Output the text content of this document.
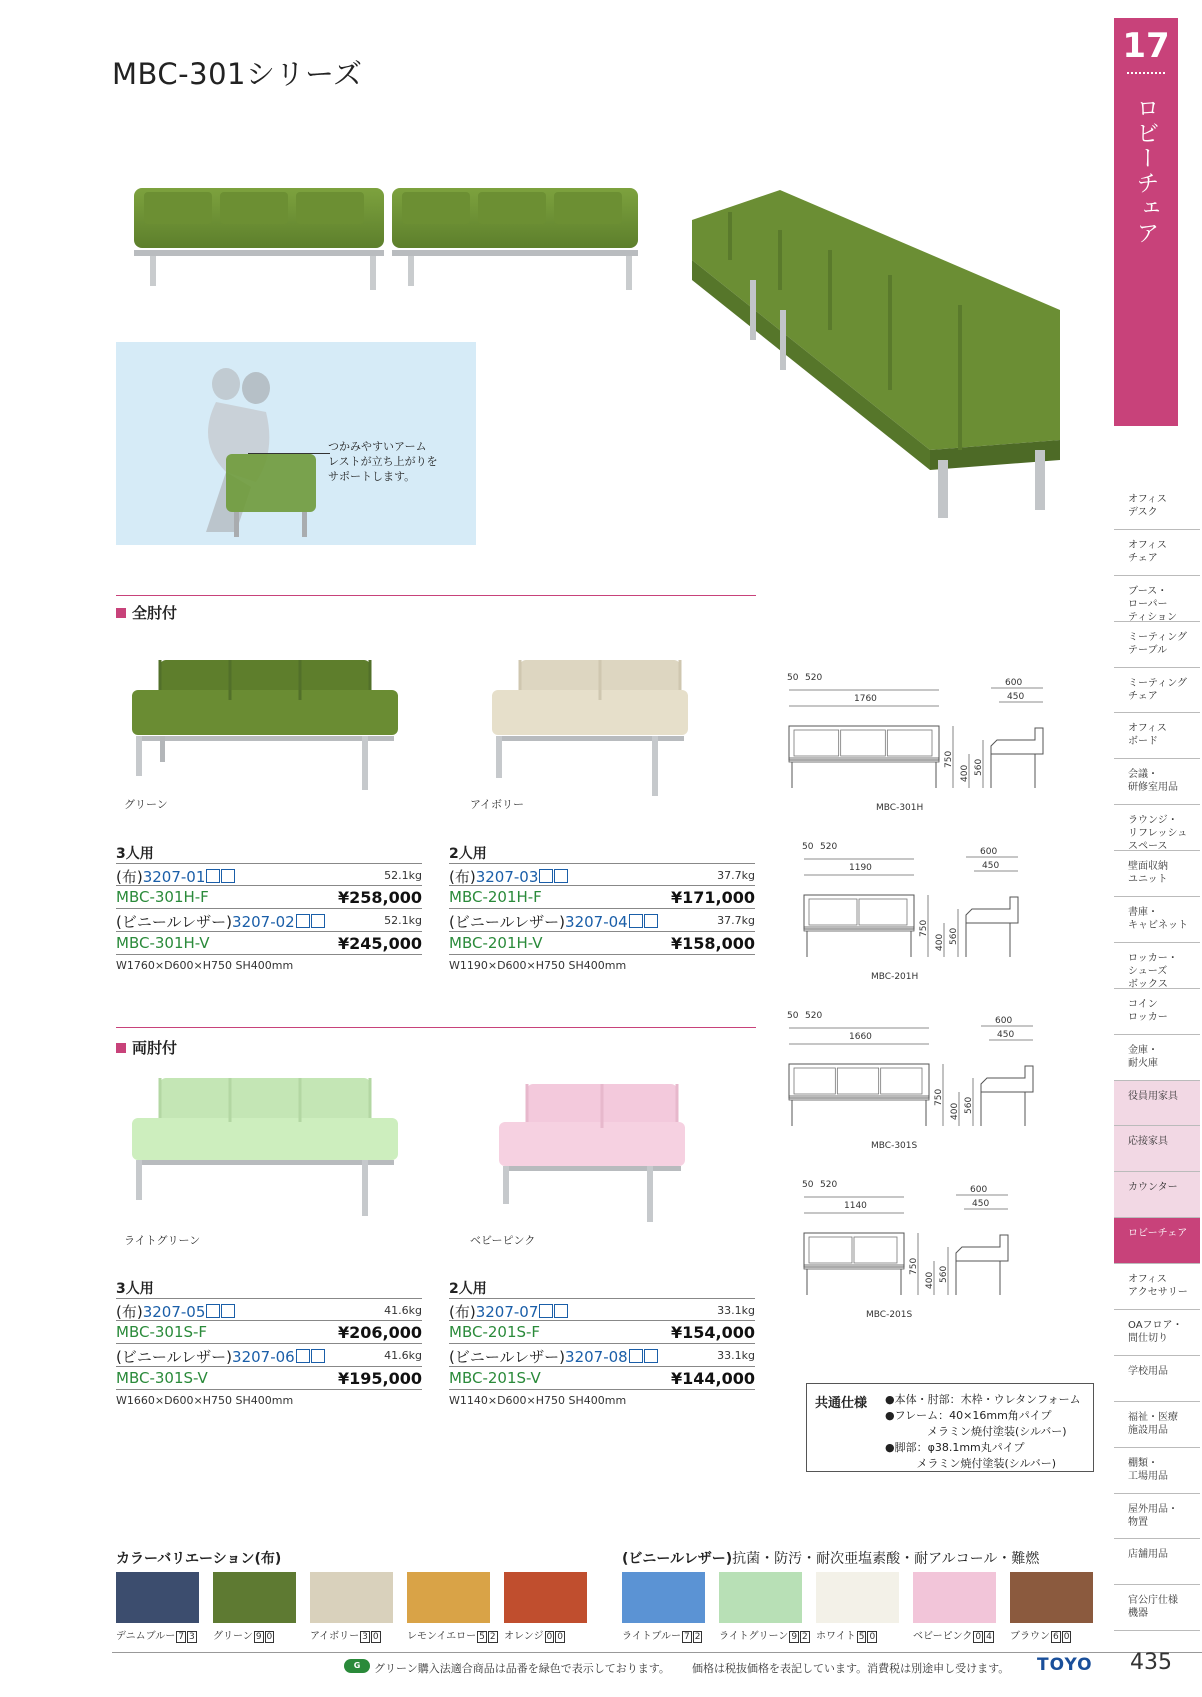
MBC-301シリーズ
17
ロビーチェア
オフィス
デスク
オフィス
チェア
ブース・
ローパー
ティション
ミーティング
テーブル
ミーティング
チェア
オフィス
ボード
会議・
研修室用品
ラウンジ・
リフレッシュ
スペース
壁面収納
ユニット
書庫・
キャビネット
ロッカー・
シューズ
ボックス
コイン
ロッカー
金庫・
耐火庫
役員用家具
応接家具
カウンター
ロビーチェア
オフィス
アクセサリー
OAフロア・
間仕切り
学校用品
福祉・医療
施設用品
棚類・
工場用品
屋外用品・
物置
店舗用品
官公庁仕様
機器
つかみやすいアーム
レストが立ち上がりを
サポートします。
全肘付
グリーン	アイボリー
3人用
(布)3207-01	52.1kg
MBC-301H-F	¥258,000
(ビニールレザー)3207-02	52.1kg
MBC-301H-V	¥245,000
W1760×D600×H750 SH400mm
2人用
(布)3207-03	37.7kg
MBC-201H-F	¥171,000
(ビニールレザー)3207-04	37.7kg
MBC-201H-V	¥158,000
W1190×D600×H750 SH400mm
両肘付
ライトグリーン	ベビーピンク
3人用
(布)3207-05	41.6kg
MBC-301S-F	¥206,000
(ビニールレザー)3207-06	41.6kg
MBC-301S-V	¥195,000
W1660×D600×H750 SH400mm
2人用
(布)3207-07	33.1kg
MBC-201S-F	¥154,000
(ビニールレザー)3207-08	33.1kg
MBC-201S-V	¥144,000
W1140×D600×H750 SH400mm
50 520
1760
600
450
750
400 560
MBC-301H
50 520
1190
600
450
750
400 560
MBC-201H
50 520
1660
600
450
750
400 560
MBC-301S
50 520
1140
600
450
750
400 560
MBC-201S
共通仕様 ●本体・肘部：木枠・ウレタンフォーム
●フレーム：40×16mm角パイプ
メラミン焼付塗装(シルバー)
●脚部：φ38.1mm丸パイプ
メラミン焼付塗装(シルバー)
カラーバリエーション(布)	(ビニールレザー)抗菌・防汚・耐次亜塩素酸・耐アルコール・難燃
デニムブルー 7 3 グリーン 9 0	アイボリー 3 0	レモンイエロー 5 2 オレンジ 0 0	ライトブルー 7 2 ライトグリーン 9 2 ホワイト 5 0	ベビーピンク 0 4 ブラウン 6 0
G	グリーン購入法適合商品は品番を緑色で表示しております。 価格は税抜価格を表記しています。消費税は別途申し受けます。 TOYO 435
